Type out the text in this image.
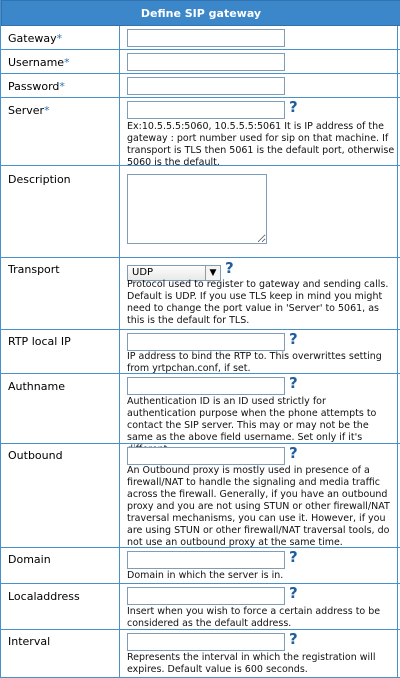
Define SIP gateway
Gateway*
Username*
Password*
Server*	?
Ex:10.5.5.5:5060, 10.5.5.5:5061 It is IP address of the gateway : port number used for sip on that machine. If transport is TLS then 5061 is the default port, otherwise 5060 is the default.
Description
Transport	UDP	▼ ?
Protocol used to register to gateway and sending calls. Default is UDP. If you use TLS keep in mind you might need to change the port value in 'Server' to 5061, as this is the default for TLS.
RTP local IP	?
IP address to bind the RTP to. This overwrittes setting from yrtpchan.conf, if set.
Authname	?
Authentication ID is an ID used strictly for authentication purpose when the phone attempts to contact the SIP server. This may or may not be the same as the above field username. Set only if it's
Outbound	?
An Outbound proxy is mostly used in presence of a firewall/NAT to handle the signaling and media traffic across the firewall. Generally, if you have an outbound proxy and you are not using STUN or other firewall/NAT traversal mechanisms, you can use it. However, if you are using STUN or other firewall/NAT traversal tools, do not use an outbound proxy at the same time.
Domain	?
Domain in which the server is in.
Localaddress	?
Insert when you wish to force a certain address to be considered as the default address.
Interval	?
Represents the interval in which the registration will expires. Default value is 600 seconds.
